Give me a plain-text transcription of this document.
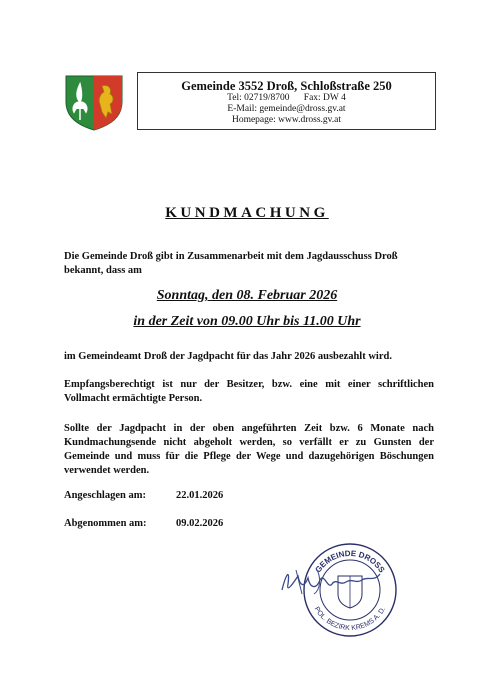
Gemeinde 3552 Droß, Schloßstraße 250
Tel: 02719/8700      Fax: DW 4
E-Mail: gemeinde@dross.gv.at
Homepage: www.dross.gv.at
KUNDMACHUNG
Die Gemeinde Droß gibt in Zusammenarbeit mit dem Jagdausschuss Droß bekannt, dass am
Sonntag, den 08. Februar 2026
in der Zeit von 09.00 Uhr bis 11.00 Uhr
im Gemeindeamt Droß der Jagdpacht für das Jahr 2026 ausbezahlt wird.
Empfangsberechtigt ist nur der Besitzer, bzw. eine mit einer schriftlichen Vollmacht ermächtigte Person.
Sollte der Jagdpacht in der oben angeführten Zeit bzw. 6 Monate nach Kundmachungsende nicht abgeholt werden, so verfällt er zu Gunsten der Gemeinde und muss für die Pflege der Wege und dazugehörigen Böschungen verwendet werden.
Angeschlagen am:	22.01.2026
Abgenommen am:	09.02.2026
GEMEINDE DROSS
POL. BEZIRK KREMS A. D.
